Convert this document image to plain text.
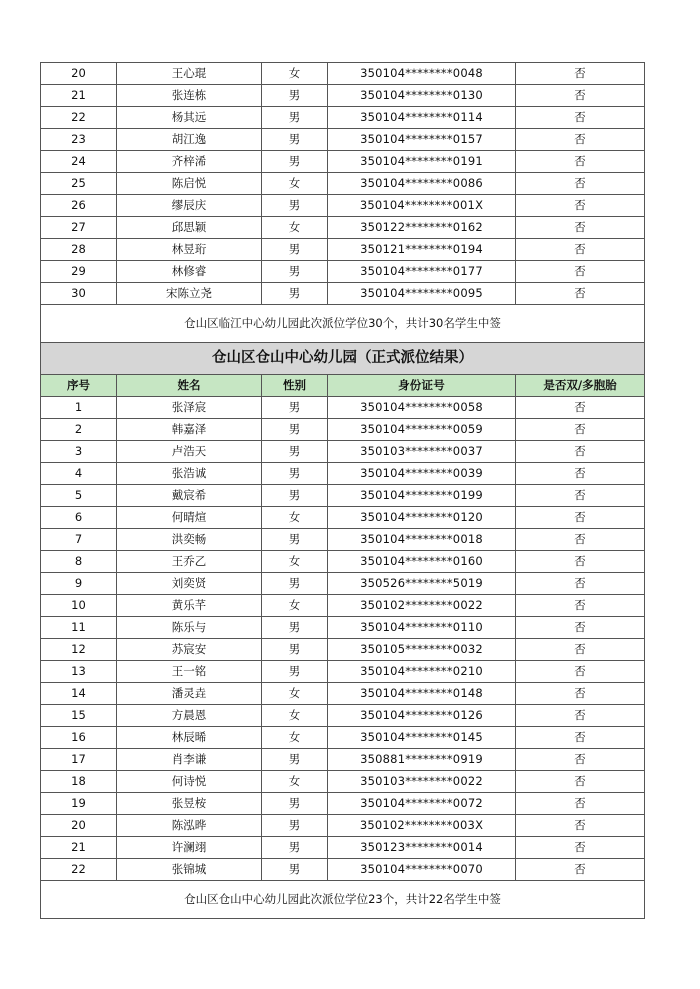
20	王心琨	女	350104********0048	否
21	张连栋	男	350104********0130	否
22	杨其远	男	350104********0114	否
23	胡江逸	男	350104********0157	否
24	齐梓浠	男	350104********0191	否
25	陈启悦	女	350104********0086	否
26	缪辰庆	男	350104********001X	否
27	邱思颖	女	350122********0162	否
28	林昱珩	男	350121********0194	否
29	林修睿	男	350104********0177	否
30	宋陈立尧	男	350104********0095	否
仓山区临江中心幼儿园此次派位学位30个，共计30名学生中签				
仓山区仓山中心幼儿园（正式派位结果）				
序号	姓名	性别	身份证号	是否双/多胞胎
1	张泽宸	男	350104********0058	否
2	韩嘉泽	男	350104********0059	否
3	卢浩天	男	350103********0037	否
4	张浩诚	男	350104********0039	否
5	戴宸希	男	350104********0199	否
6	何晴煊	女	350104********0120	否
7	洪奕畅	男	350104********0018	否
8	王乔乙	女	350104********0160	否
9	刘奕贤	男	350526********5019	否
10	黄乐芊	女	350102********0022	否
11	陈乐与	男	350104********0110	否
12	苏宸安	男	350105********0032	否
13	王一铭	男	350104********0210	否
14	潘灵垚	女	350104********0148	否
15	方晨恩	女	350104********0126	否
16	林辰晞	女	350104********0145	否
17	肖李谦	男	350881********0919	否
18	何诗悦	女	350103********0022	否
19	张昱桉	男	350104********0072	否
20	陈泓晔	男	350102********003X	否
21	许澜翊	男	350123********0014	否
22	张锦城	男	350104********0070	否
仓山区仓山中心幼儿园此次派位学位23个，共计22名学生中签				
